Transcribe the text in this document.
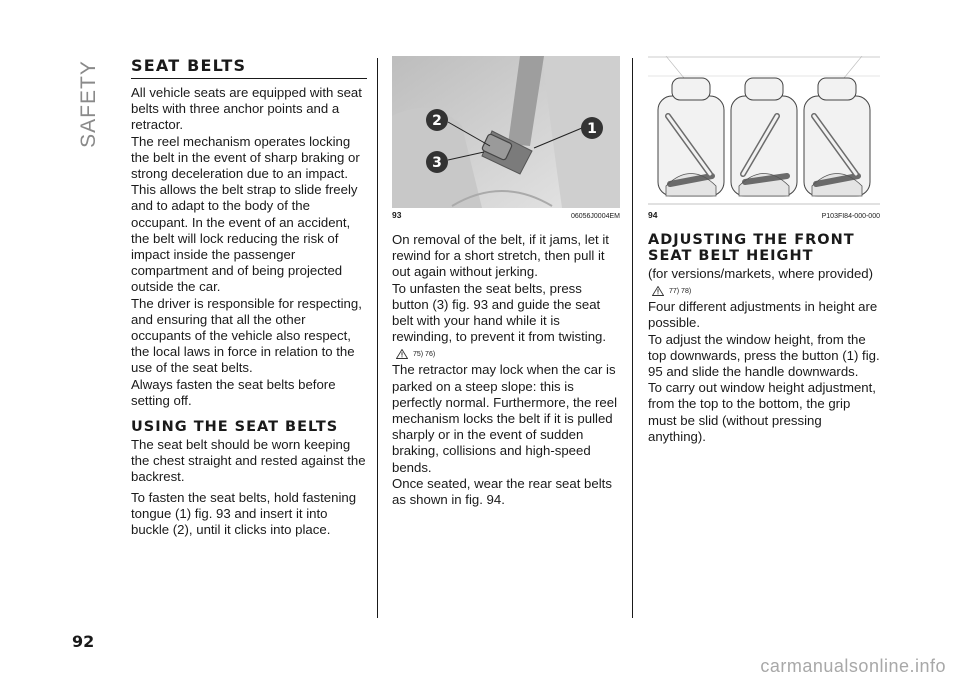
SAFETY SEAT BELTS

All vehicle seats are equipped with seat belts with three anchor points and a retractor.

The reel mechanism operates locking the belt in the event of sharp braking or strong deceleration due to an impact. This allows the belt strap to slide freely and to adapt to the body of the occupant. In the event of an accident, the belt will lock reducing the risk of impact inside the passenger compartment and of being projected outside the car.

The driver is responsible for respecting, and ensuring that all the other occupants of the vehicle also respect, the local laws in force in relation to the use of the seat belts.

Always fasten the seat belts before setting off.

USING THE SEAT BELTS

The seat belt should be worn keeping the chest straight and rested against the backrest.

To fasten the seat belts, hold fastening tongue (1) fig. 93 and insert it into buckle (2), until it clicks into place.

2
3
1
93	06056J0004EM

On removal of the belt, if it jams, let it rewind for a short stretch, then pull it out again without jerking.

To unfasten the seat belts, press button (3) fig. 93 and guide the seat belt with your hand while it is rewinding, to prevent it from twisting.

75) 76)

The retractor may lock when the car is parked on a steep slope: this is perfectly normal. Furthermore, the reel mechanism locks the belt if it is pulled sharply or in the event of sudden braking, collisions and high-speed bends.

Once seated, wear the rear seat belts as shown in fig. 94.

94	P103FI84-000-000
ADJUSTING THE FRONT SEAT BELT HEIGHT

(for versions/markets, where provided)

77) 78)

Four different adjustments in height are possible.

To adjust the window height, from the top downwards, press the button (1) fig. 95 and slide the handle downwards.

To carry out window height adjustment, from the top to the bottom, the grip must be slid (without pressing anything).

92
carmanualsonline.info
